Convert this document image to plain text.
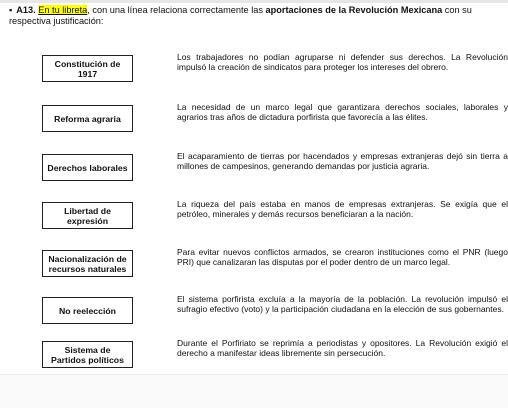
▪ A13. En tu libreta, con una línea relaciona correctamente las aportaciones de la Revolución Mexicana con su respectiva justificación:
Constitución de 1917
Los trabajadores no podían agruparse ni defender sus derechos. La Revolución impulsó la creación de sindicatos para proteger los intereses del obrero.
Reforma agraria
La necesidad de un marco legal que garantizara derechos sociales, laborales y agrarios tras años de dictadura porfirista que favorecía a las élites.
Derechos laborales
El acaparamiento de tierras por hacendados y empresas extranjeras dejó sin tierra a millones de campesinos, generando demandas por justicia agraria.
Libertad de expresión
La riqueza del país estaba en manos de empresas extranjeras. Se exigía que el petróleo, minerales y demás recursos beneficiaran a la nación.
Nacionalización de recursos naturales
Para evitar nuevos conflictos armados, se crearon instituciones como el PNR (luego PRI) que canalizaran las disputas por el poder dentro de un marco legal.
No reelección
El sistema porfirista excluía a la mayoría de la población. La revolución impulsó el sufragio efectivo (voto) y la participación ciudadana en la elección de sus gobernantes.
Sistema de Partidos políticos
Durante el Porfiriato se reprimía a periodistas y opositores. La Revolución exigió el derecho a manifestar ideas libremente sin persecución.
